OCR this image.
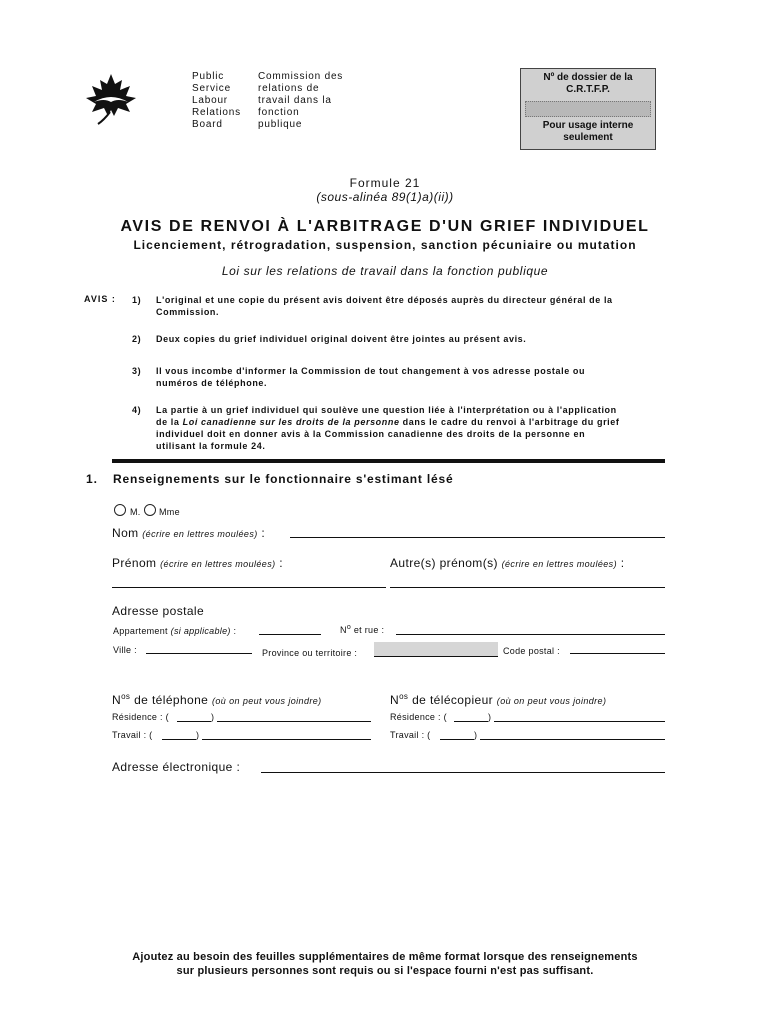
Public
Service
Labour
Relations
Board
Commission des
relations de
travail dans la
fonction
publique
Nº de dossier de la
C.R.T.F.P.
Pour usage interne
seulement
Formule 21
(sous-alinéa 89(1)a)(ii))
AVIS DE RENVOI À L'ARBITRAGE D'UN GRIEF INDIVIDUEL
Licenciement, rétrogradation, suspension, sanction pécuniaire ou mutation
Loi sur les relations de travail dans la fonction publique
AVIS : 1) L'original et une copie du présent avis doivent être déposés auprès du directeur général de la
Commission.
2) Deux copies du grief individuel original doivent être jointes au présent avis.
3) Il vous incombe d'informer la Commission de tout changement à vos adresse postale ou
numéros de téléphone.
4) La partie à un grief individuel qui soulève une question liée à l'interprétation ou à l'application
de la Loi canadienne sur les droits de la personne dans le cadre du renvoi à l'arbitrage du grief
individuel doit en donner avis à la Commission canadienne des droits de la personne en
utilisant la formule 24.
1. Renseignements sur le fonctionnaire s'estimant lésé
M. Mme
Nom (écrire en lettres moulées) :
Prénom (écrire en lettres moulées) :	Autre(s) prénom(s) (écrire en lettres moulées) :
Adresse postale
Appartement (si applicable) :	$N^o$ et rue :
Ville :	Province ou territoire :	Code postal :
$N^{os}$ de téléphone (où on peut vous joindre)	$N^{os}$ de télécopieur (où on peut vous joindre)
Résidence : (	)	Résidence : (	)
Travail : (	)	Travail : (	)
Adresse électronique :
Ajoutez au besoin des feuilles supplémentaires de même format lorsque des renseignements
sur plusieurs personnes sont requis ou si l'espace fourni n'est pas suffisant.
